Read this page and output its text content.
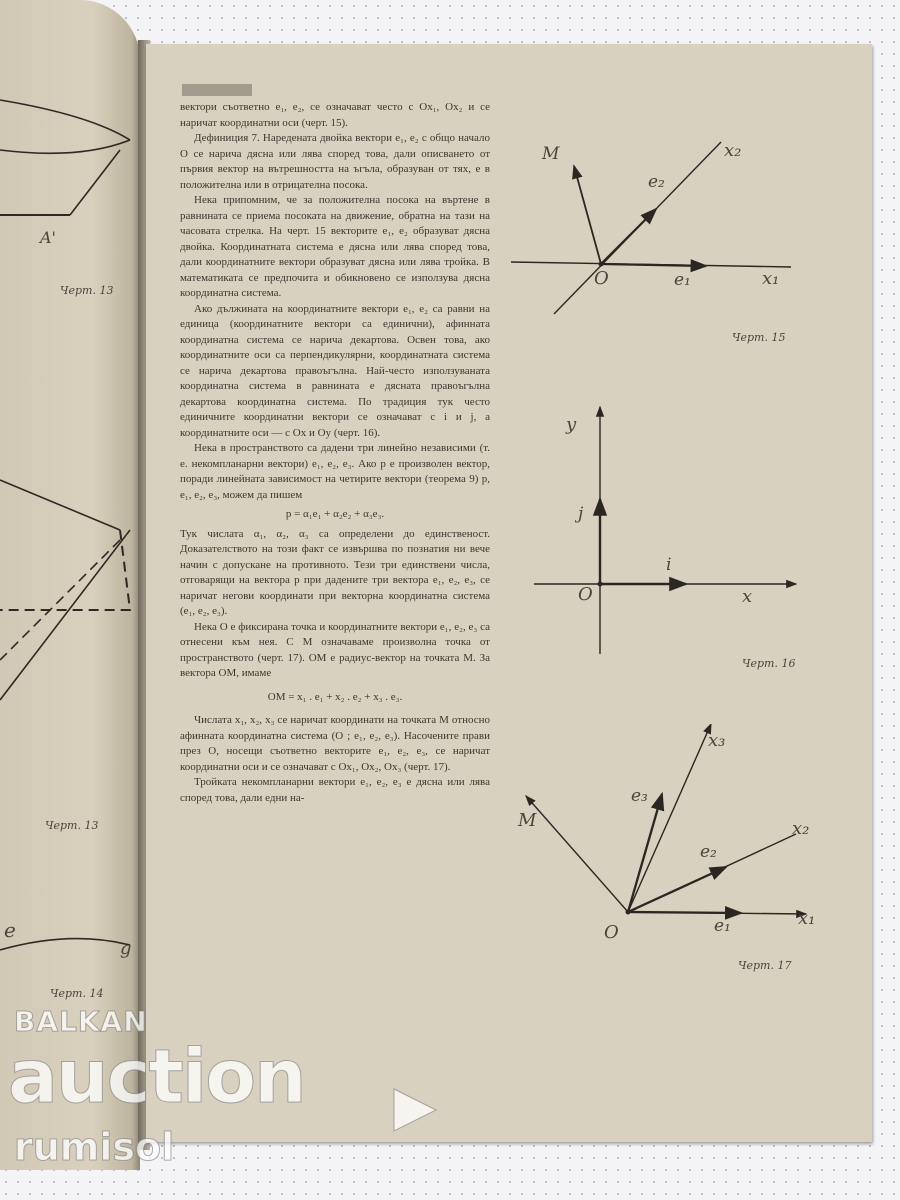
A'
Черт. 13
Черт. 13
e
g
Черт. 14

вектори съответно e₁, e₂, се означават често с Ox₁, Ox₂ и се наричат координатни оси (черт. 15).

Дефиниция 7. Наредената двойка вектори e₁, e₂ с общо начало O се нарича дясна или лява според това, дали описването от първия вектор на вътрешността на ъгъла, образуван от тях, е в положителна или в отрицателна посока.

Нека припомним, че за положителна посока на въртене в равнината се приема посоката на движение, обратна на тази на часовата стрелка. На черт. 15 векторите e₁, e₂ образуват дясна двойка. Координатната система е дясна или лява според това, дали координатните вектори образуват дясна или лява тройка. В математиката се предпочита и обикновено се използува дясна координатна система.

Ако дължината на координатните вектори e₁, e₂ са равни на единица (координатните вектори са единични), афинната координатна система се нарича декартова. Освен това, ако координатните оси са перпендикулярни, координатната система се нарича декартова правоъгълна. Най-често използуваната координатна система в равнината е дясната правоъгълна декартова координатна система. По традиция тук често единичните координатни вектори се означават с i и j, а координатните оси — с Ox и Oy (черт. 16).

Нека в пространството са дадени три линейно независими (т. е. некомпланарни вектори) e₁, e₂, e₃. Ако p е произволен вектор, поради линейната зависимост на четирите вектори (теорема 9) p, e₁, e₂, e₃, можем да пишем

p = α₁e₁ + α₂e₂ + α₃e₃.

Тук числата α₁, α₂, α₃ са определени до единственост. Доказателството на този факт се извършва по познатия ни вече начин с допускане на противното. Тези три единствени числа, отговарящи на вектора p при дадените три вектора e₁, e₂, e₃, се наричат негови координати при векторна координатна система (e₁, e₂, e₃).

Нека O е фиксирана точка и координатните вектори e₁, e₂, e₃ са отнесени към нея. С M означаваме произволна точка от пространството (черт. 17). OM е радиус-вектор на точката M. За вектора OM, имаме

OM = x₁ . e₁ + x₂ . e₂ + x₃ . e₃.

Числата x₁, x₂, x₃ се наричат координати на точката M относно афинната координатна система (O ; e₁, e₂, e₃). Насочените прави през O, носещи съответно векторите e₁, e₂, e₃, се наричат координатни оси и се означават с Ox₁, Ox₂, Ox₃ (черт. 17).

Тройката некомпланарни вектори e₁, e₂, e₃ е дясна или лява според това, дали едни на-

M	x₂
e₂
O	e₁	x₁
Черт. 15
y
j
i
O	x
Черт. 16
x₃
e₃
M	x₂
e₂
O	e₁	x₁
Черт. 17
BALKAN
auction
rumisol
